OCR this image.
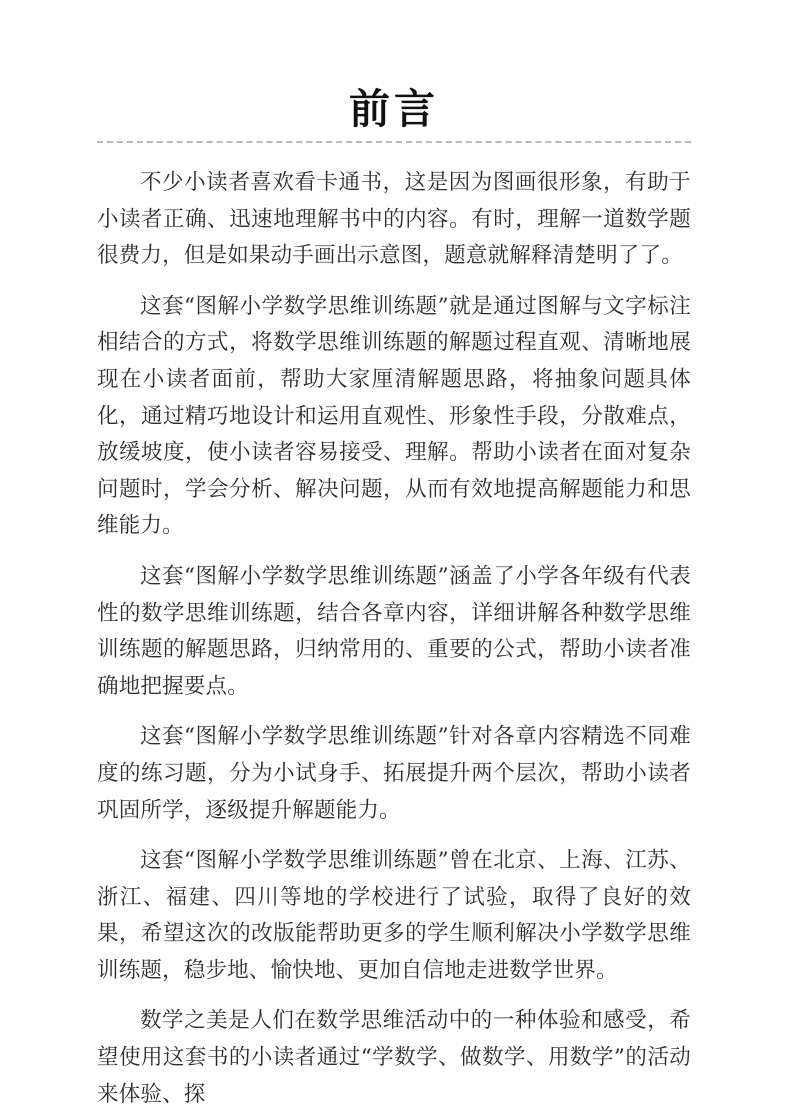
前言

不少小读者喜欢看卡通书，这是因为图画很形象，有助于小读者正确、迅速地理解书中的内容。有时，理解一道数学题很费力，但是如果动手画出示意图，题意就解释清楚明了了。

这套“图解小学数学思维训练题”就是通过图解与文字标注相结合的方式，将数学思维训练题的解题过程直观、清晰地展现在小读者面前，帮助大家厘清解题思路，将抽象问题具体化，通过精巧地设计和运用直观性、形象性手段，分散难点，放缓坡度，使小读者容易接受、理解。帮助小读者在面对复杂问题时，学会分析、解决问题，从而有效地提高解题能力和思维能力。

这套“图解小学数学思维训练题”涵盖了小学各年级有代表性的数学思维训练题，结合各章内容，详细讲解各种数学思维训练题的解题思路，归纳常用的、重要的公式，帮助小读者准确地把握要点。

这套“图解小学数学思维训练题”针对各章内容精选不同难度的练习题，分为小试身手、拓展提升两个层次，帮助小读者巩固所学，逐级提升解题能力。

这套“图解小学数学思维训练题”曾在北京、上海、江苏、浙江、福建、四川等地的学校进行了试验，取得了良好的效果，希望这次的改版能帮助更多的学生顺利解决小学数学思维训练题，稳步地、愉快地、更加自信地走进数学世界。

数学之美是人们在数学思维活动中的一种体验和感受，希望使用这套书的小读者通过“学数学、做数学、用数学”的活动来体验、探
